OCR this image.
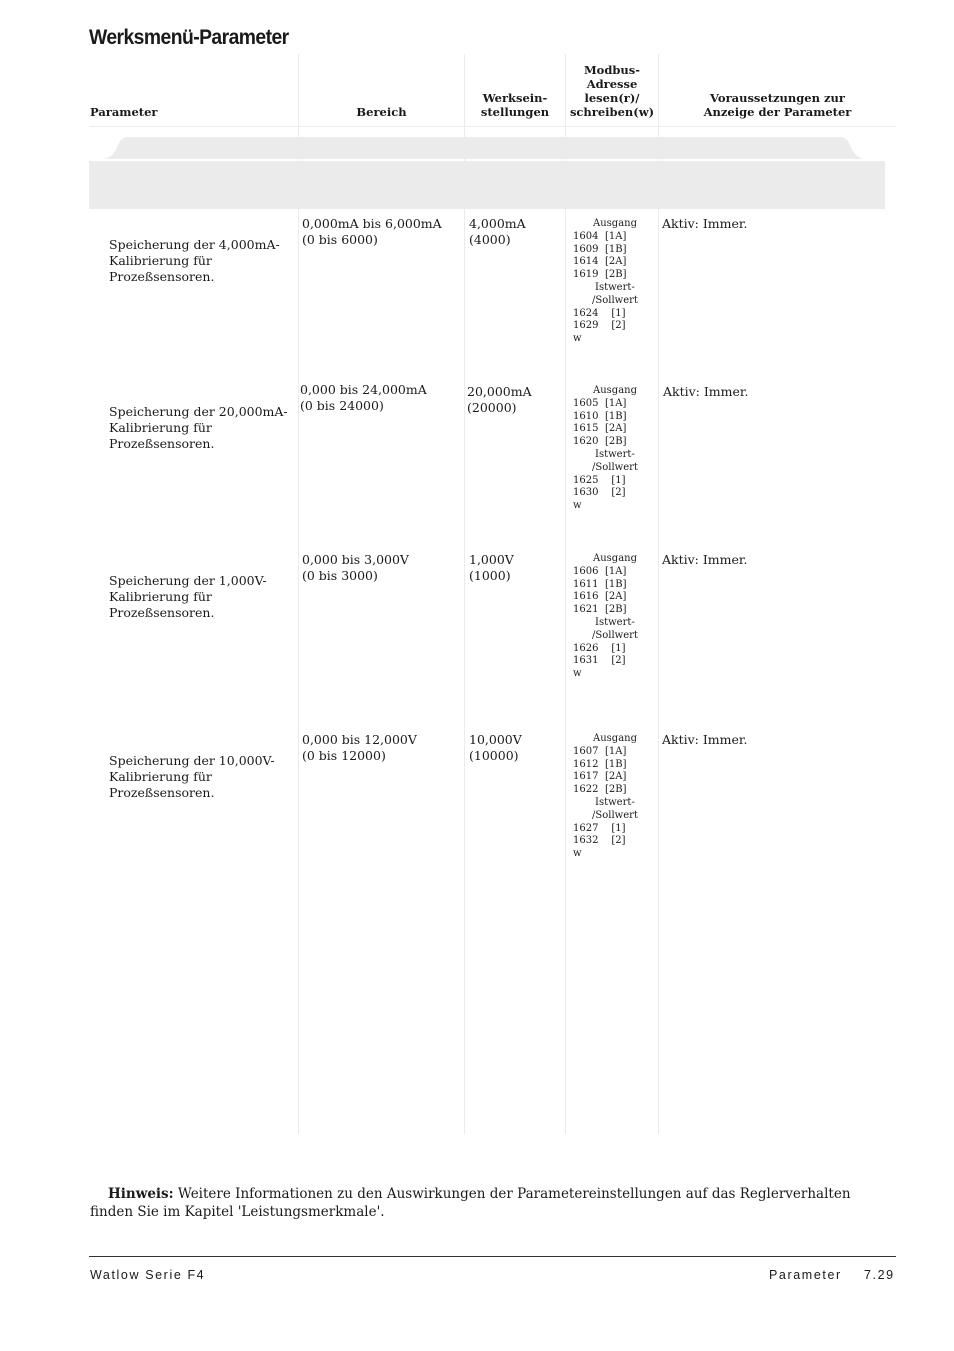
Werksmenü-Parameter
Parameter	Bereich
Werksein-
stellungen
Modbus-
Adresse
lesen(r)/
schreiben(w)
Voraussetzungen zur
Anzeige der Parameter
Speicherung der 4,000mA-
Kalibrierung für
Prozeßsensoren.
0,000mA bis 6,000mA
(0 bis 6000)
4,000mA
(4000)
Ausgang
1604 [1A]
1609 [1B]
1614 [2A]
1619 [2B]
Istwert-
/Sollwert
1624 [1]
1629 [2]
w
Aktiv: Immer.
Speicherung der 20,000mA-
Kalibrierung für
Prozeßsensoren.
0,000 bis 24,000mA
(0 bis 24000)
20,000mA
(20000)
Ausgang
1605 [1A]
1610 [1B]
1615 [2A]
1620 [2B]
Istwert-
/Sollwert
1625 [1]
1630 [2]
w
Aktiv: Immer.
Speicherung der 1,000V-
Kalibrierung für
Prozeßsensoren.
0,000 bis 3,000V
(0 bis 3000)
1,000V
(1000)
Ausgang
1606 [1A]
1611 [1B]
1616 [2A]
1621 [2B]
Istwert-
/Sollwert
1626 [1]
1631 [2]
w
Aktiv: Immer.
Speicherung der 10,000V-
Kalibrierung für
Prozeßsensoren.
0,000 bis 12,000V
(0 bis 12000)
10,000V
(10000)
Ausgang
1607 [1A]
1612 [1B]
1617 [2A]
1622 [2B]
Istwert-
/Sollwert
1627 [1]
1632 [2]
w
Aktiv: Immer.
Hinweis: Weitere Informationen zu den Auswirkungen der Parametereinstellungen auf das Reglerverhalten finden Sie im Kapitel 'Leistungsmerkmale'.
Watlow Serie F4	Parameter 7.29
